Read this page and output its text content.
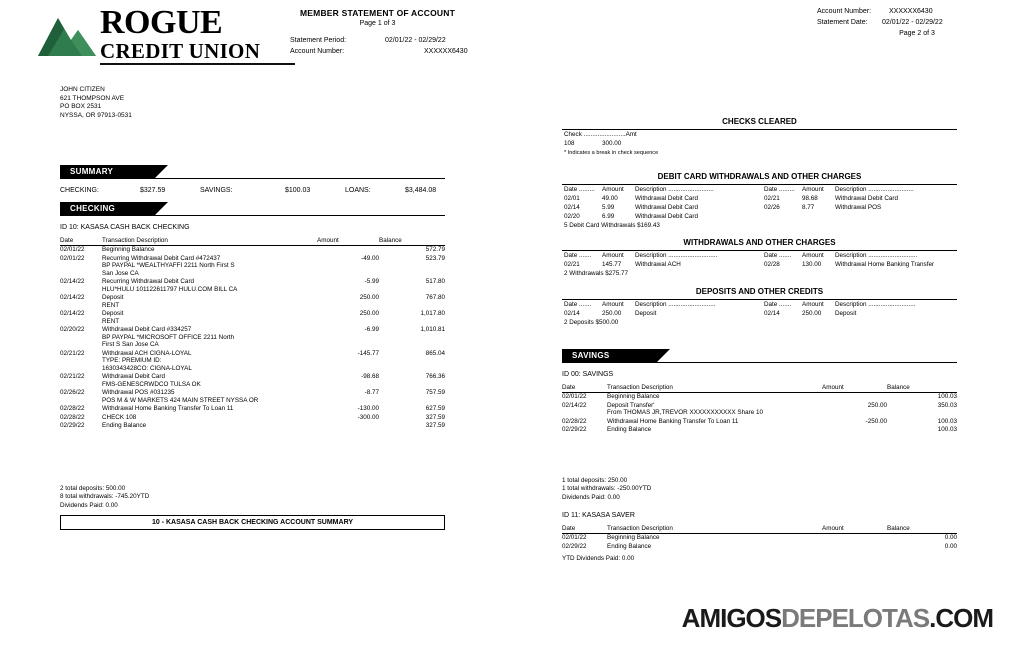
ROGUE
CREDIT UNION
MEMBER STATEMENT OF ACCOUNT
Page 1 of 3
Statement Period:	02/01/22 - 02/29/22
Account Number:	XXXXXX6430
JOHN CITIZEN
621 THOMPSON AVE
PO BOX 2531
NYSSA, OR 97913-0531
SUMMARY
CHECKING:	$327.59	SAVINGS:	$100.03	LOANS:	$3,484.08
CHECKING
ID 10: KASASA CASH BACK CHECKING
Date	Transaction Description	Amount	Balance
02/01/22	Beginning Balance		572.79
02/01/22	Recurring Withdrawal Debit Card #472437
BP PAYPAL *WEALTHYAFFI 2211 North First S
San Jose CA	-49.00	523.79
02/14/22	Recurring Withdrawal Debit Card
HLU*HULU 101122611797 HULU.COM BILL CA	-5.99	517.80
02/14/22	Deposit
RENT	250.00	767.80
02/14/22	Deposit
RENT	250.00	1,017.80
02/20/22	Withdrawal Debit Card #334257
BP PAYPAL *MICROSOFT OFFICE 2211 North
First S San Jose CA	-6.99	1,010.81
02/21/22	Withdrawal ACH CIGNA-LOYAL
TYPE: PREMIUM ID:
1630343428CO: CIGNA-LOYAL	-145.77	865.04
02/21/22	Withdrawal Debit Card
FMS-GENESCRWDCO TULSA OK	-98.68	766.36
02/26/22	Withdrawal POS #031235
POS M & W MARKETS 424 MAIN STREET NYSSA OR	-8.77	757.59
02/28/22	Withdrawal Home Banking Transfer To Loan 11	-130.00	627.59
02/28/22	CHECK 108	-300.00	327.59
02/29/22	Ending Balance		327.59
2 total deposits: 500.00
8 total withdrawals: -745.20YTD
Dividends Paid: 0.00
10 - KASASA CASH BACK CHECKING ACCOUNT SUMMARY
Account Number:	XXXXXX6430
Statement Date: 02/01/22 - 02/29/22
Page 2 of 3
CHECKS CLEARED
Check ........................Amt
108	300.00
* Indicates a break in check sequence
DEBIT CARD WITHDRAWALS AND OTHER CHARGES
Date ......... Amount Description ..........................	Date ......... Amount Description ..........................
02/01	49.00	Withdrawal Debit Card
02/14	5.99	Withdrawal Debit Card
02/20	6.99	Withdrawal Debit Card
02/21	98.68	Withdrawal Debit Card
02/26	8.77	Withdrawal POS
5 Debit Card Withdrawals $169.43
WITHDRAWALS AND OTHER CHARGES
Date ....... Amount Description ............................	Date ....... Amount Description ............................
02/21	145.77 Withdrawal ACH	02/28	130.00 Withdrawal Home Banking Transfer
2 Withdrawals $275.77
DEPOSITS AND OTHER CREDITS
Date ....... Amount Description ...........................	Date ....... Amount Description ...........................
02/14	250.00 Deposit	02/14	250.00 Deposit
2 Deposits $500.00
SAVINGS
ID 00: SAVINGS
Date	Transaction Description	Amount	Balance
02/01/22	Beginning Balance		100.03
02/14/22	Deposit Transfer'
From THOMAS JR,TREVOR XXXXXXXXXXX Share 10	250.00	350.03
02/28/22	Withdrawal Home Banking Transfer To Loan 11	-250.00	100.03
02/29/22	Ending Balance		100.03
1 total deposits: 250.00
1 total withdrawals: -250.00YTD
Dividends Paid: 0.00
ID 11: KASASA SAVER
Date	Transaction Description	Amount	Balance
02/01/22	Beginning Balance		0.00
02/29/22	Ending Balance		0.00
YTD Dividends Paid: 0.00
AMIGOSDEPELOTAS.COM
